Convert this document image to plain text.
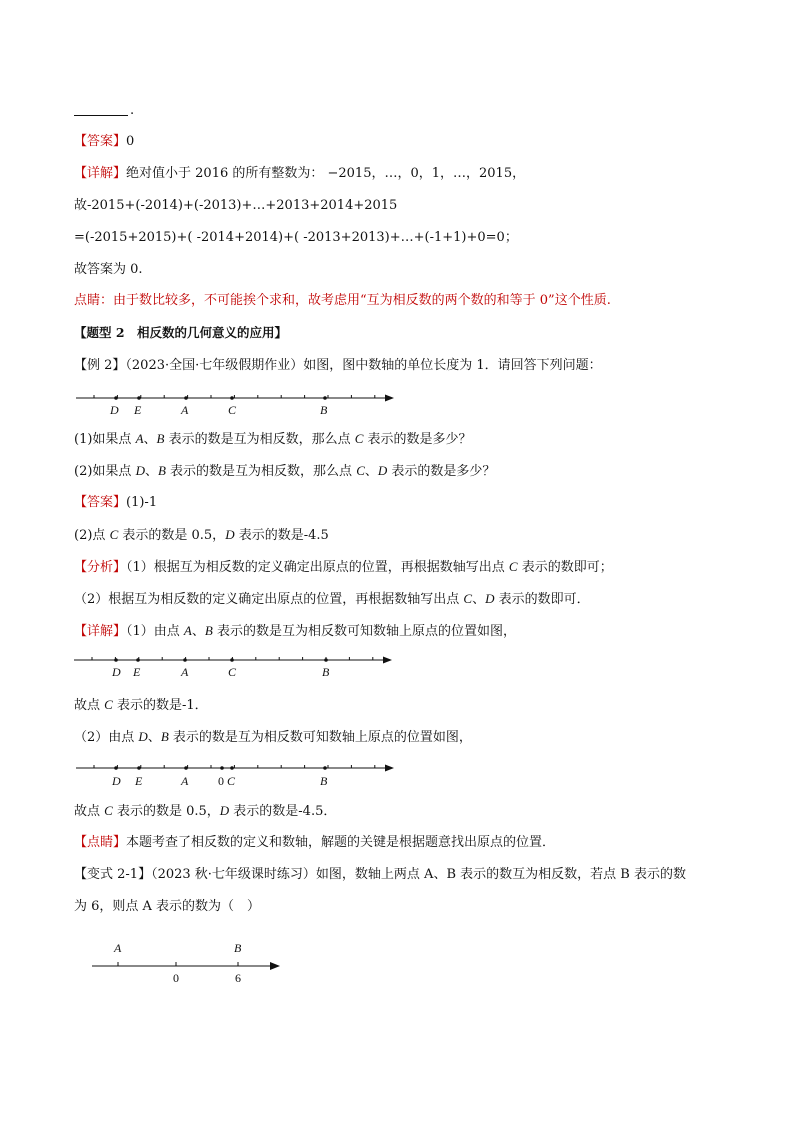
.
【答案】0
【详解】绝对值小于 2016 的所有整数为： −2015，…，0，1，…，2015，
故-2015+(-2014)+(-2013)+…+2013+2014+2015
=(-2015+2015)+( -2014+2014)+( -2013+2013)+…+(-1+1)+0=0；
故答案为 0.
点睛：由于数比较多，不可能挨个求和，故考虑用“互为相反数的两个数的和等于 0”这个性质.
【题型 2　相反数的几何意义的应用】
【例 2】（2023·全国·七年级假期作业）如图，图中数轴的单位长度为 1．请回答下列问题：
D E	A	C	B
(1)如果点 A、B 表示的数是互为相反数，那么点 C 表示的数是多少？
(2)如果点 D、B 表示的数是互为相反数，那么点 C、D 表示的数是多少？
【答案】(1)-1
(2)点 C 表示的数是 0.5，D 表示的数是-4.5
【分析】（1）根据互为相反数的定义确定出原点的位置，再根据数轴写出点 C 表示的数即可；
（2）根据互为相反数的定义确定出原点的位置，再根据数轴写出点 C、D 表示的数即可．
【详解】（1）由点 A、B 表示的数是互为相反数可知数轴上原点的位置如图，
D E	A	C	B
故点 C 表示的数是-1．
（2）由点 D、B 表示的数是互为相反数可知数轴上原点的位置如图，
D E	A 0 C	B
故点 C 表示的数是 0.5，D 表示的数是-4.5．
【点睛】本题考查了相反数的定义和数轴，解题的关键是根据题意找出原点的位置．
【变式 2-1】（2023 秋·七年级课时练习）如图，数轴上两点 A、B 表示的数互为相反数，若点 B 表示的数
为 6，则点 A 表示的数为（　）
A	B
0	6
